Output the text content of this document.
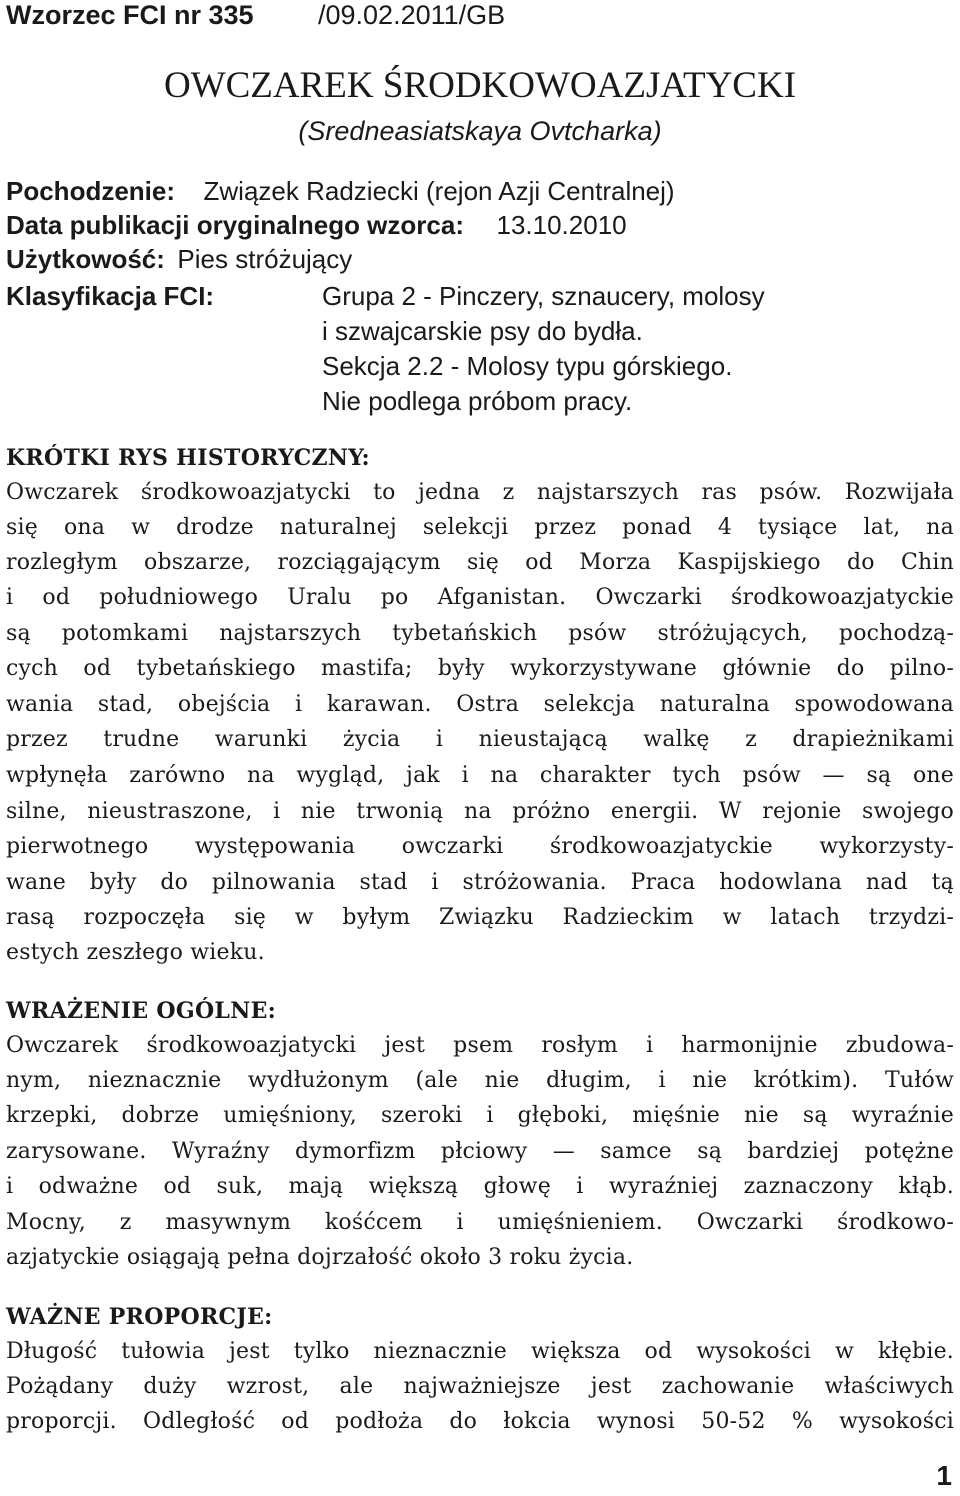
Wzorzec FCI nr 335 /09.02.2011/GB
OWCZAREK ŚRODKOWOAZJATYCKI
(Sredneasiatskaya Ovtcharka)
Pochodzenie: Związek Radziecki (rejon Azji Centralnej)
Data publikacji oryginalnego wzorca: 13.10.2010
Użytkowość: Pies stróżujący
Klasyfikacja FCI:	Grupa 2 - Pinczery, sznaucery, molosy
i szwajcarskie psy do bydła.
Sekcja 2.2 - Molosy typu górskiego.
Nie podlega próbom pracy.
KRÓTKI RYS HISTORYCZNY:
Owczarek środkowoazjatycki to jedna z najstarszych ras psów. Rozwijała
się ona w drodze naturalnej selekcji przez ponad 4 tysiące lat, na
rozległym obszarze, rozciągającym się od Morza Kaspijskiego do Chin
i od południowego Uralu po Afganistan. Owczarki środkowoazjatyckie
są potomkami najstarszych tybetańskich psów stróżujących, pochodzą-
cych od tybetańskiego mastifa; były wykorzystywane głównie do pilno-
wania stad, obejścia i karawan. Ostra selekcja naturalna spowodowana
przez trudne warunki życia i nieustającą walkę z drapieżnikami
wpłynęła zarówno na wygląd, jak i na charakter tych psów — są one
silne, nieustraszone, i nie trwonią na próżno energii. W rejonie swojego
pierwotnego występowania owczarki środkowoazjatyckie wykorzysty-
wane były do pilnowania stad i stróżowania. Praca hodowlana nad tą
rasą rozpoczęła się w byłym Związku Radzieckim w latach trzydzi-
estych zeszłego wieku.
WRAŻENIE OGÓLNE:
Owczarek środkowoazjatycki jest psem rosłym i harmonijnie zbudowa-
nym, nieznacznie wydłużonym (ale nie długim, i nie krótkim). Tułów
krzepki, dobrze umięśniony, szeroki i głęboki, mięśnie nie są wyraźnie
zarysowane. Wyraźny dymorfizm płciowy — samce są bardziej potężne
i odważne od suk, mają większą głowę i wyraźniej zaznaczony kłąb.
Mocny, z masywnym kośćcem i umięśnieniem. Owczarki środkowo-
azjatyckie osiągają pełna dojrzałość około 3 roku życia.
WAŻNE PROPORCJE:
Długość tułowia jest tylko nieznacznie większa od wysokości w kłębie.
Pożądany duży wzrost, ale najważniejsze jest zachowanie właściwych
proporcji. Odległość od podłoża do łokcia wynosi 50-52 % wysokości
1
